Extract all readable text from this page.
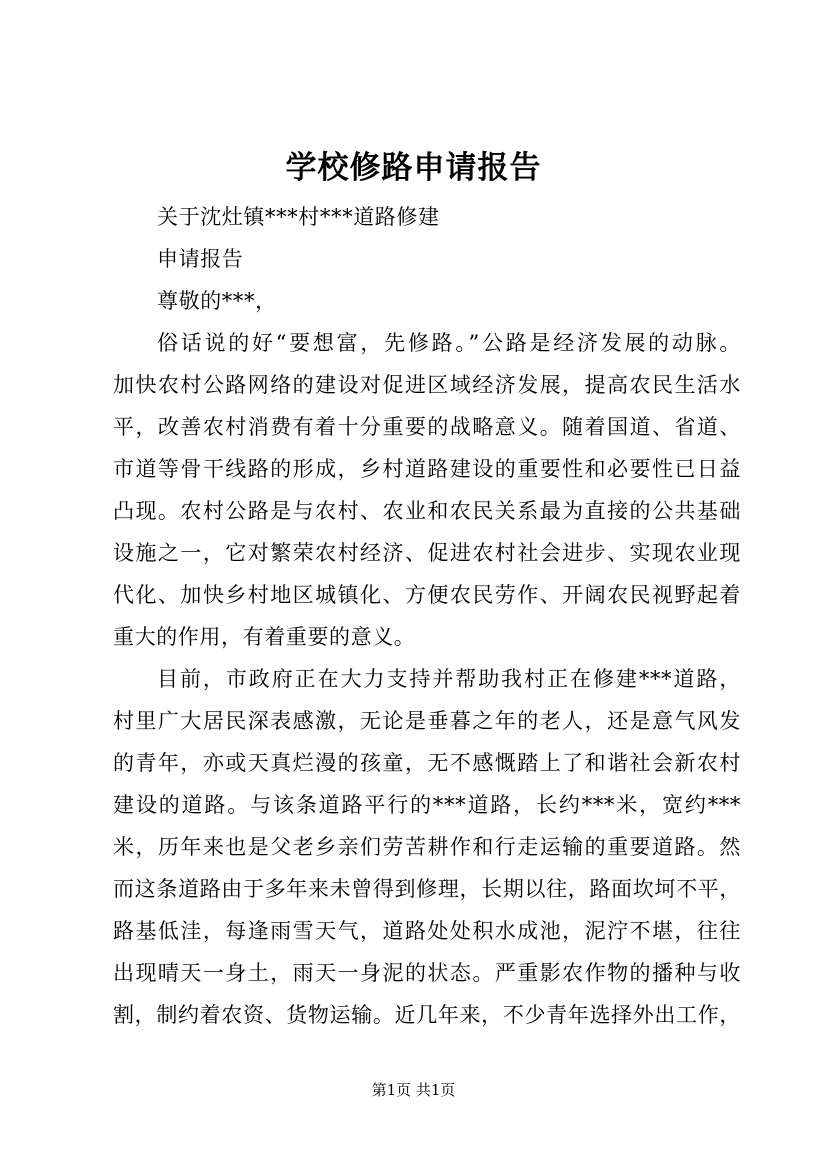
学校修路申请报告
关于沈灶镇***村***道路修建
申请报告
尊敬的***，
俗话说的好“要想富，先修路。”公路是经济发展的动脉。
加快农村公路网络的建设对促进区域经济发展，提高农民生活水
平，改善农村消费有着十分重要的战略意义。随着国道、省道、
市道等骨干线路的形成，乡村道路建设的重要性和必要性已日益
凸现。农村公路是与农村、农业和农民关系最为直接的公共基础
设施之一，它对繁荣农村经济、促进农村社会进步、实现农业现
代化、加快乡村地区城镇化、方便农民劳作、开阔农民视野起着
重大的作用，有着重要的意义。
目前，市政府正在大力支持并帮助我村正在修建***道路，
村里广大居民深表感激，无论是垂暮之年的老人，还是意气风发
的青年，亦或天真烂漫的孩童，无不感慨踏上了和谐社会新农村
建设的道路。与该条道路平行的***道路，长约***米，宽约***
米，历年来也是父老乡亲们劳苦耕作和行走运输的重要道路。然
而这条道路由于多年来未曾得到修理，长期以往，路面坎坷不平，
路基低洼，每逢雨雪天气，道路处处积水成池，泥泞不堪，往往
出现晴天一身土，雨天一身泥的状态。严重影农作物的播种与收
割，制约着农资、货物运输。近几年来，不少青年选择外出工作，
第1页 共1页
